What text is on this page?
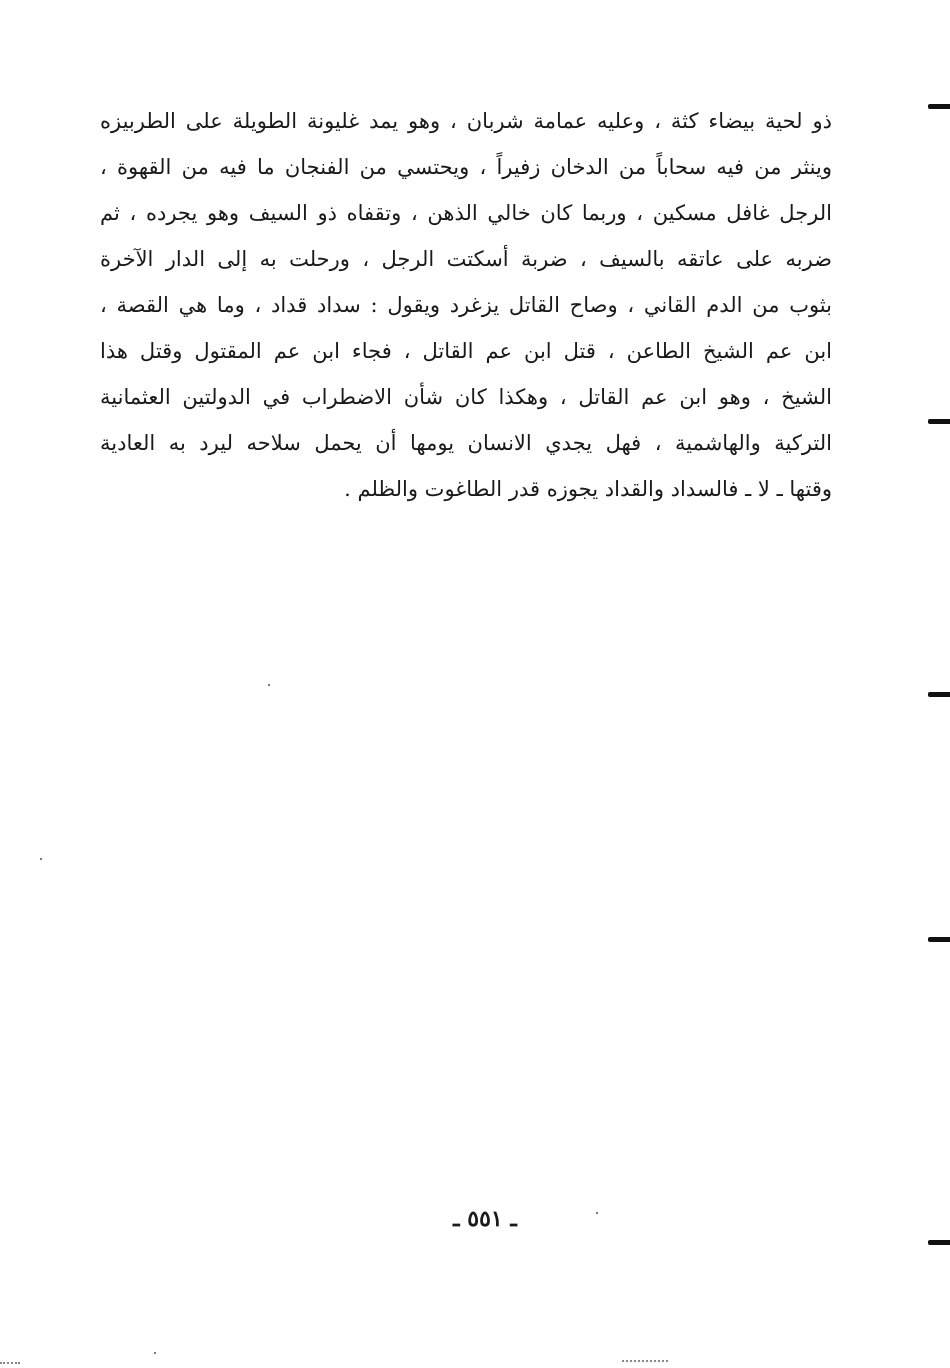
ذو لحية بيضاء كثة ، وعليه عمامة شربان ، وهو يمد غليونة الطويلة على الطربيزه
وينثر من فيه سحاباً من الدخان زفيراً ، ويحتسي من الفنجان ما فيه من القهوة ،
الرجل غافل مسكين ، وربما كان خالي الذهن ، وتقفاه ذو السيف وهو يجرده ، ثم
ضربه على عاتقه بالسيف ، ضربة أسكتت الرجل ، ورحلت به إلى الدار الآخرة
بثوب من الدم القاني ، وصاح القاتل يزغرد ويقول : سداد قداد ، وما هي القصة ،
ابن عم الشيخ الطاعن ، قتل ابن عم القاتل ، فجاء ابن عم المقتول وقتل هذا
الشيخ ، وهو ابن عم القاتل ، وهكذا كان شأن الاضطراب في الدولتين العثمانية
التركية والهاشمية ، فهل يجدي الانسان يومها أن يحمل سلاحه ليرد به العادية
وقتها ـ لا ـ فالسداد والقداد يجوزه قدر الطاغوت والظلم .
ـ ٥٥١ ـ
